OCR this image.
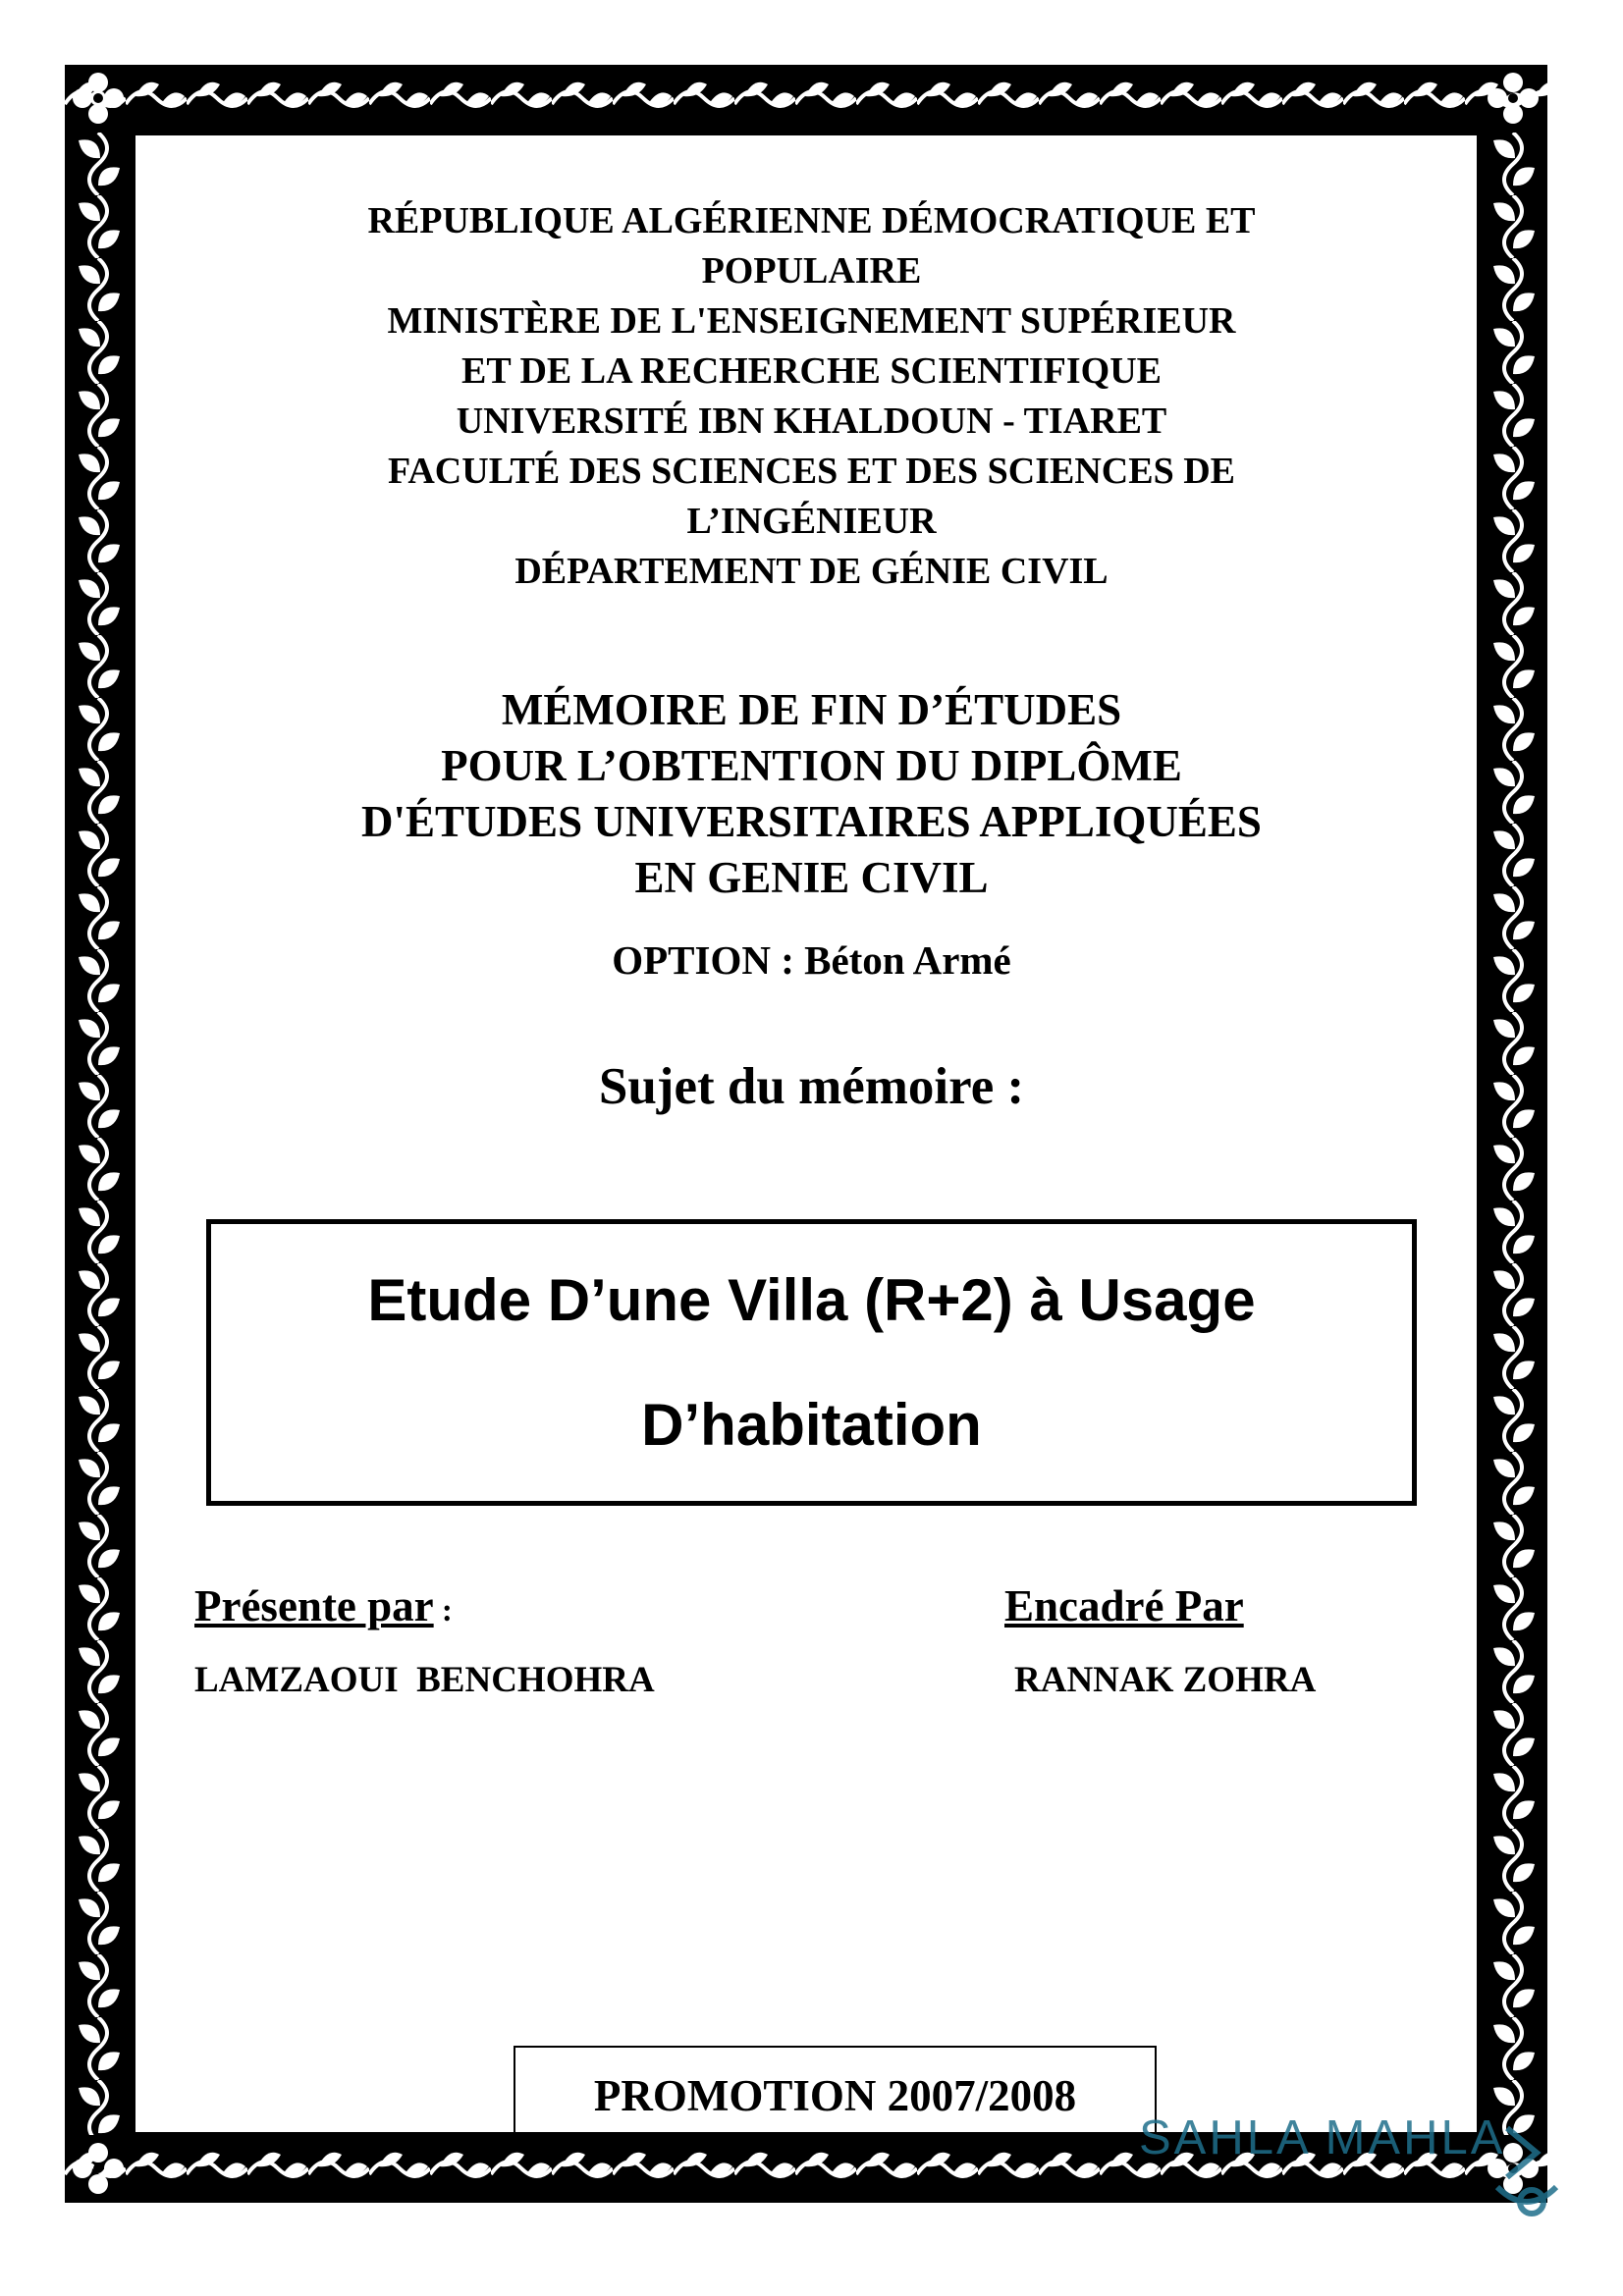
RÉPUBLIQUE ALGÉRIENNE DÉMOCRATIQUE ET
POPULAIRE
MINISTÈRE DE L'ENSEIGNEMENT SUPÉRIEUR
ET DE LA RECHERCHE SCIENTIFIQUE
UNIVERSITÉ IBN KHALDOUN - TIARET
FACULTÉ DES SCIENCES ET DES SCIENCES DE
L’INGÉNIEUR
DÉPARTEMENT DE GÉNIE CIVIL
MÉMOIRE DE FIN D’ÉTUDES
POUR L’OBTENTION DU DIPLÔME
D'ÉTUDES UNIVERSITAIRES APPLIQUÉES
EN GENIE CIVIL
OPTION : Béton Armé
Sujet du mémoire :
Etude D’une Villa (R+2) à Usage
D’habitation
Présente par :	Encadré Par
LAMZAOUI  BENCHOHRA	RANNAK ZOHRA
PROMOTION 2007/2008
SAHLA MAHLA
